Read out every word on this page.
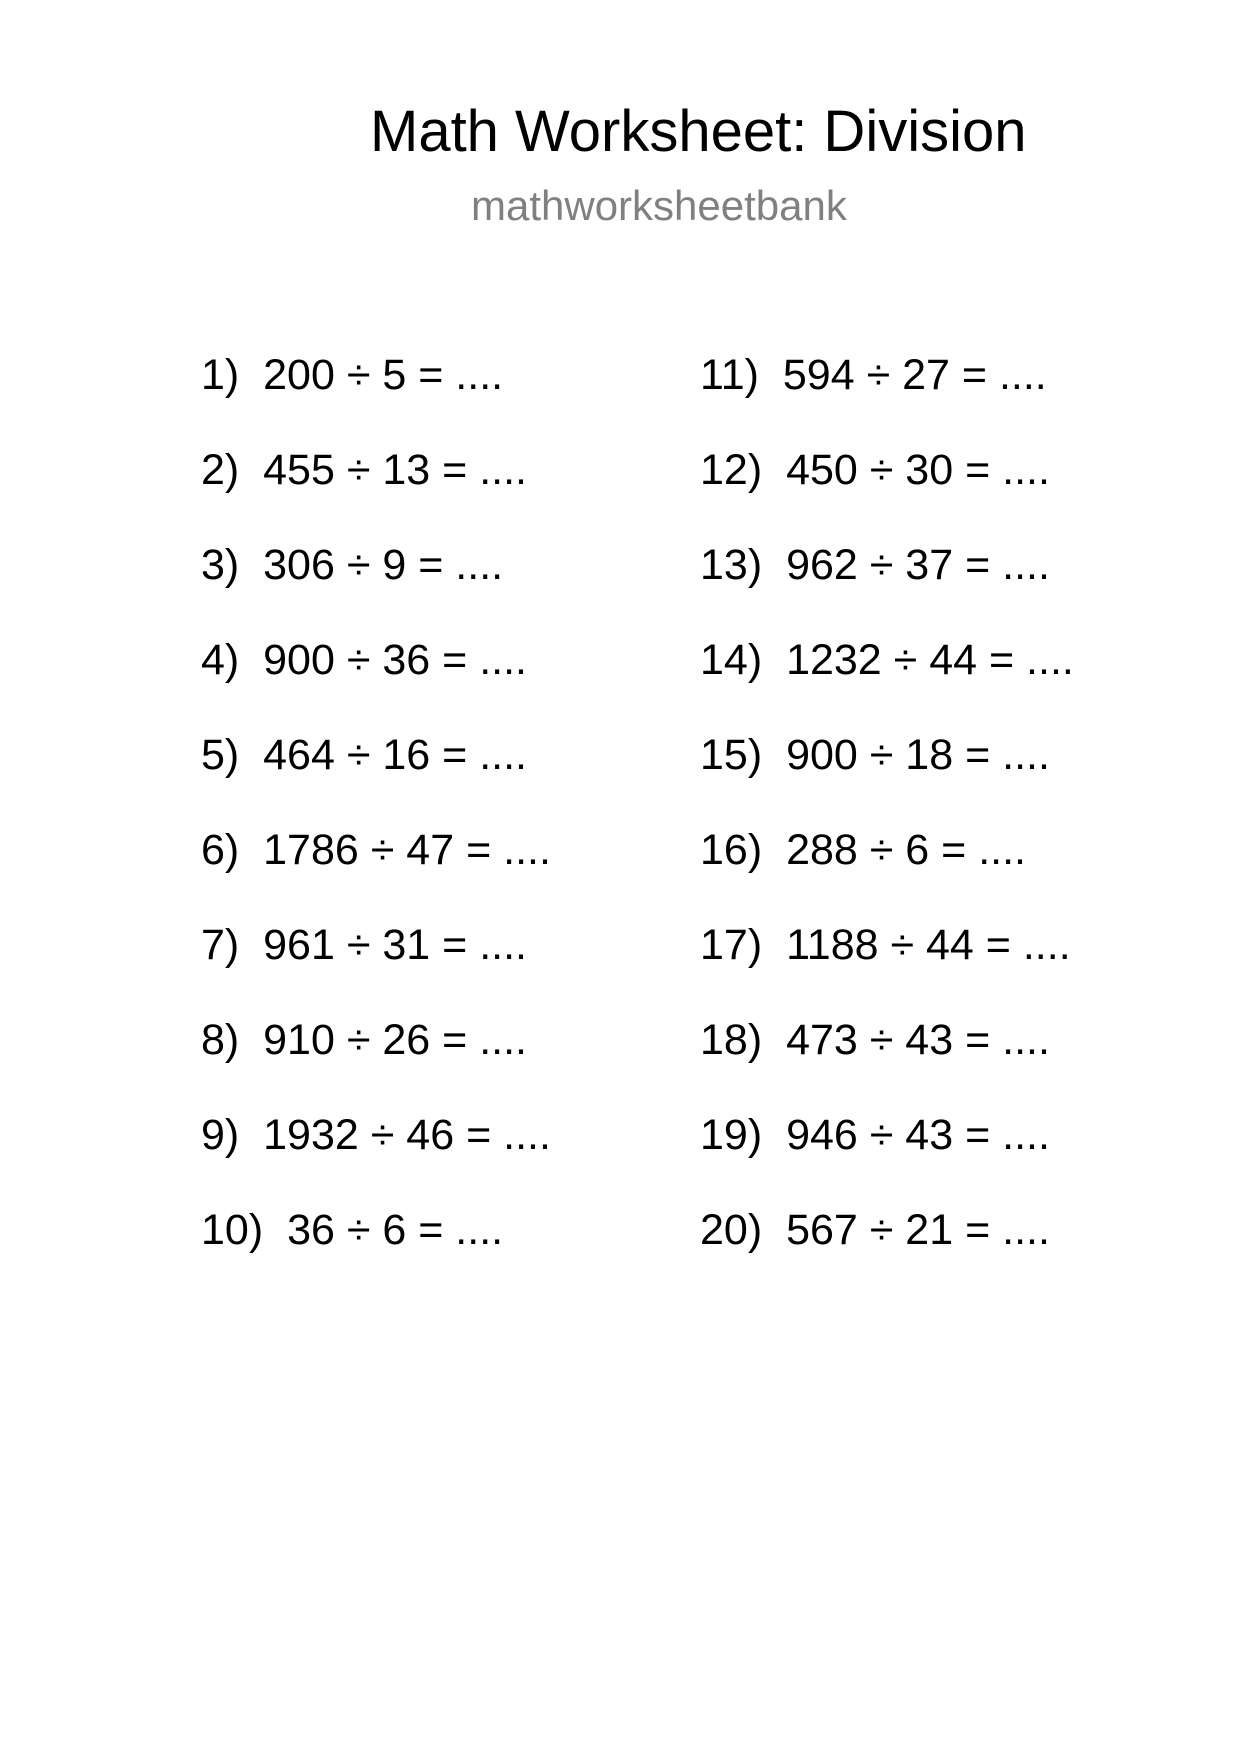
Math Worksheet: Division
mathworksheetbank
1) 200 ÷ 5 = ....
2) 455 ÷ 13 = ....
3) 306 ÷ 9 = ....
4) 900 ÷ 36 = ....
5) 464 ÷ 16 = ....
6) 1786 ÷ 47 = ....
7) 961 ÷ 31 = ....
8) 910 ÷ 26 = ....
9) 1932 ÷ 46 = ....
10) 36 ÷ 6 = ....
11) 594 ÷ 27 = ....
12) 450 ÷ 30 = ....
13) 962 ÷ 37 = ....
14) 1232 ÷ 44 = ....
15) 900 ÷ 18 = ....
16) 288 ÷ 6 = ....
17) 1188 ÷ 44 = ....
18) 473 ÷ 43 = ....
19) 946 ÷ 43 = ....
20) 567 ÷ 21 = ....
